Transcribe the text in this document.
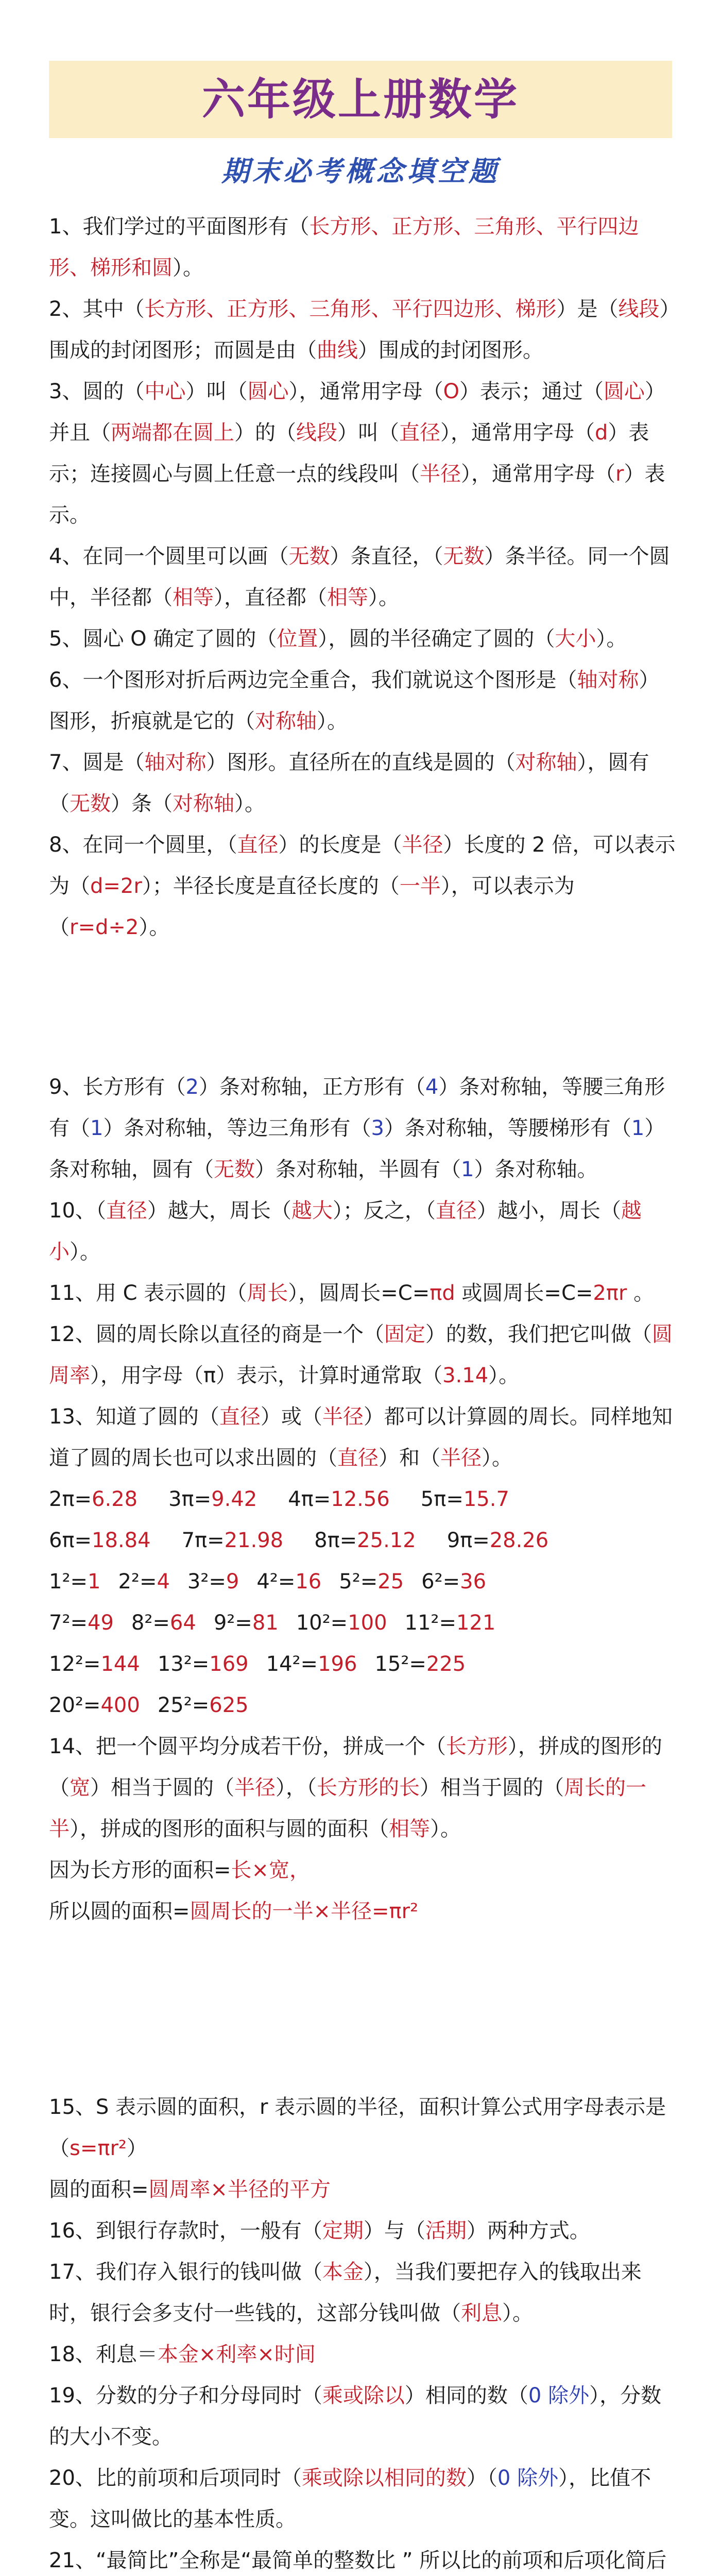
六年级上册数学
期末必考概念填空题

1、我们学过的平面图形有（长方形、正方形、三角形、平行四边形、梯形和圆）。

2、其中（长方形、正方形、三角形、平行四边形、梯形）是（线段）围成的封闭图形；而圆是由（曲线）围成的封闭图形。

3、圆的（中心）叫（圆心），通常用字母（O）表示；通过（圆心）并且（两端都在圆上）的（线段）叫（直径），通常用字母（d）表示；连接圆心与圆上任意一点的线段叫（半径），通常用字母（r）表示。

4、在同一个圆里可以画（无数）条直径，（无数）条半径。同一个圆中，半径都（相等），直径都（相等）。

5、圆心 O 确定了圆的（位置），圆的半径确定了圆的（大小）。

6、一个图形对折后两边完全重合，我们就说这个图形是（轴对称）图形，折痕就是它的（对称轴）。

7、圆是（轴对称）图形。直径所在的直线是圆的（对称轴），圆有（无数）条（对称轴）。

8、在同一个圆里，（直径）的长度是（半径）长度的 2 倍，可以表示为（d=2r）；半径长度是直径长度的（一半），可以表示为（r=d÷2）。

9、长方形有（2）条对称轴，正方形有（4）条对称轴，等腰三角形有（1）条对称轴，等边三角形有（3）条对称轴，等腰梯形有（1）条对称轴，圆有（无数）条对称轴，半圆有（1）条对称轴。

10、（直径）越大，周长（越大）；反之，（直径）越小，周长（越小）。

11、用 C 表示圆的（周长），圆周长=C=πd 或圆周长=C=2πr 。

12、圆的周长除以直径的商是一个（固定）的数，我们把它叫做（圆周率），用字母（π）表示，计算时通常取（3.14）。

13、知道了圆的（直径）或（半径）都可以计算圆的周长。同样地知道了圆的周长也可以求出圆的（直径）和（半径）。

2π=6.28 3π=9.42 4π=12.56 5π=15.7

6π=18.84 7π=21.98 8π=25.12 9π=28.26

1²=1 2²=4 3²=9 4²=16 5²=25 6²=36

7²=49 8²=64 9²=81 10²=100 11²=121

12²=144 13²=169 14²=196 15²=225

20²=400 25²=625

14、把一个圆平均分成若干份，拼成一个（长方形），拼成的图形的（宽）相当于圆的（半径），（长方形的长）相当于圆的（周长的一半），拼成的图形的面积与圆的面积（相等）。

因为长方形的面积=长×宽，

所以圆的面积=圆周长的一半×半径=πr²

15、S 表示圆的面积，r 表示圆的半径，面积计算公式用字母表示是（s=πr²）

圆的面积=圆周率×半径的平方

16、到银行存款时，一般有（定期）与（活期）两种方式。

17、我们存入银行的钱叫做（本金），当我们要把存入的钱取出来时，银行会多支付一些钱的，这部分钱叫做（利息）。

18、利息＝本金×利率×时间

19、分数的分子和分母同时（乘或除以）相同的数（0 除外），分数的大小不变。

20、比的前项和后项同时（乘或除以相同的数）（0 除外），比值不变。这叫做比的基本性质。

21、“最简比”全称是“最简单的整数比 ” 所以比的前项和后项化简后
